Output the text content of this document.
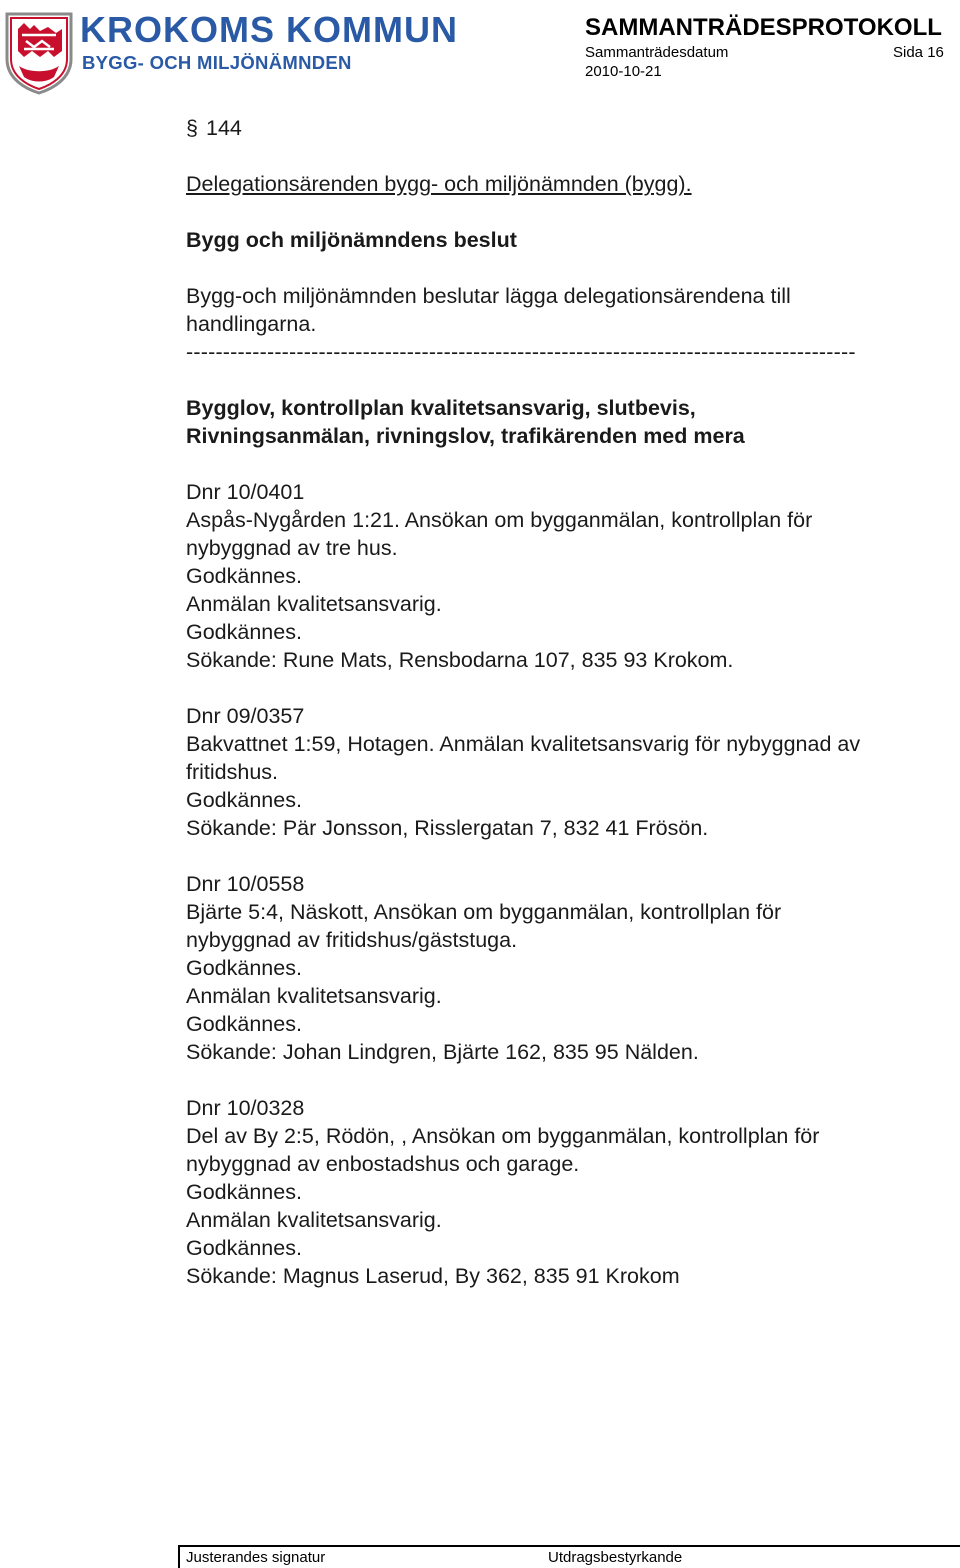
KROKOMS KOMMUN
BYGG- OCH MILJÖNÄMNDEN
SAMMANTRÄDESPROTOKOLL
Sammanträdesdatum	Sida 16
2010-10-21

§ 144

Delegationsärenden bygg- och miljönämnden (bygg).

Bygg och miljönämndens beslut

Bygg-och miljönämnden beslutar lägga delegationsärendena till handlingarna.

-------------------------------------------------------------------------------------------

Bygglov, kontrollplan kvalitetsansvarig, slutbevis,

Rivningsanmälan, rivningslov, trafikärenden med mera

Dnr 10/0401

Aspås-Nygården 1:21. Ansökan om bygganmälan, kontrollplan för

nybyggnad av tre hus.

Godkännes.

Anmälan kvalitetsansvarig.

Godkännes.

Sökande: Rune Mats, Rensbodarna 107, 835 93 Krokom.

Dnr 09/0357

Bakvattnet 1:59, Hotagen. Anmälan kvalitetsansvarig för nybyggnad av

fritidshus.

Godkännes.

Sökande: Pär Jonsson, Risslergatan 7, 832 41 Frösön.

Dnr 10/0558

Bjärte 5:4, Näskott, Ansökan om bygganmälan, kontrollplan för

nybyggnad av fritidshus/gäststuga.

Godkännes.

Anmälan kvalitetsansvarig.

Godkännes.

Sökande: Johan Lindgren, Bjärte 162, 835 95 Nälden.

Dnr 10/0328

Del av By 2:5, Rödön, , Ansökan om bygganmälan, kontrollplan för

nybyggnad av enbostadshus och garage.

Godkännes.

Anmälan kvalitetsansvarig.

Godkännes.

Sökande: Magnus Laserud, By 362, 835 91 Krokom

Justerandes signatur	Utdragsbestyrkande
